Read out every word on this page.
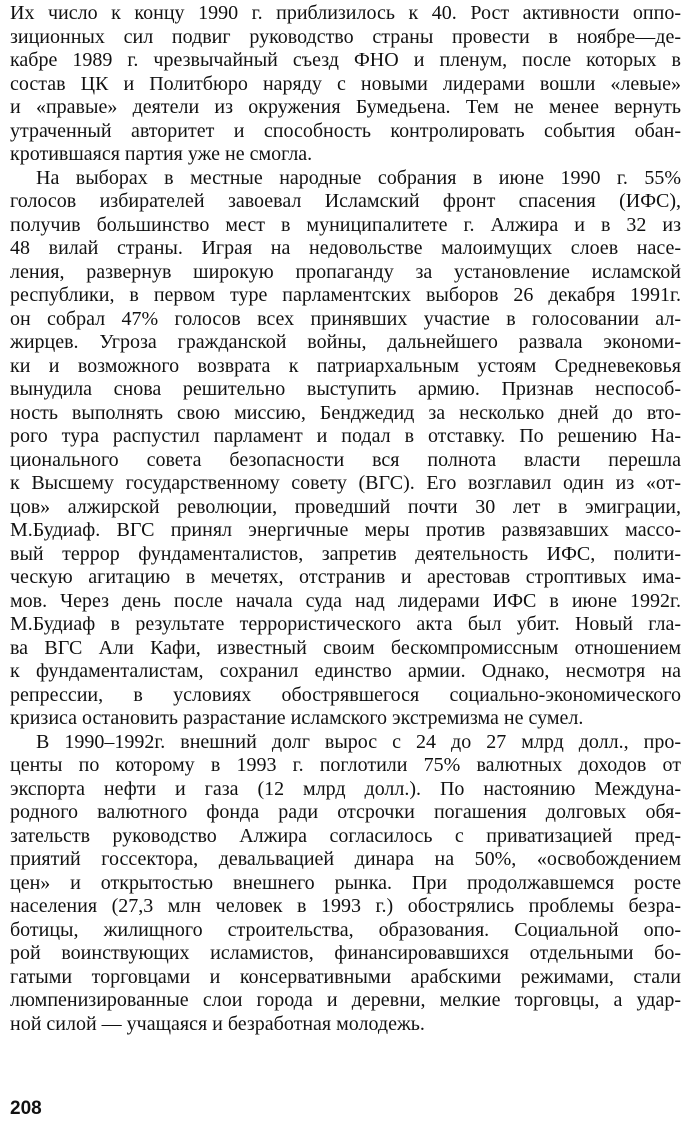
Их число к концу 1990 г. приблизилось к 40. Рост активности оппо-
зиционных сил подвиг руководство страны провести в ноябре—де-
кабре 1989 г. чрезвычайный съезд ФНО и пленум, после которых в
состав ЦК и Политбюро наряду с новыми лидерами вошли «левые»
и «правые» деятели из окружения Бумедьена. Тем не менее вернуть
утраченный авторитет и способность контролировать события обан-
кротившаяся партия уже не смогла.
На выборах в местные народные собрания в июне 1990 г. 55%
голосов избирателей завоевал Исламский фронт спасения (ИФС),
получив большинство мест в муниципалитете г. Алжира и в 32 из
48 вилай страны. Играя на недовольстве малоимущих слоев насе-
ления, развернув широкую пропаганду за установление исламской
республики, в первом туре парламентских выборов 26 декабря 1991г.
он собрал 47% голосов всех принявших участие в голосовании ал-
жирцев. Угроза гражданской войны, дальнейшего развала экономи-
ки и возможного возврата к патриархальным устоям Средневековья
вынудила снова решительно выступить армию. Признав неспособ-
ность выполнять свою миссию, Бенджедид за несколько дней до вто-
рого тура распустил парламент и подал в отставку. По решению На-
ционального совета безопасности вся полнота власти перешла
к Высшему государственному совету (ВГС). Его возглавил один из «от-
цов» алжирской революции, проведший почти 30 лет в эмиграции,
М.Будиаф. ВГС принял энергичные меры против развязавших массо-
вый террор фундаменталистов, запретив деятельность ИФС, полити-
ческую агитацию в мечетях, отстранив и арестовав строптивых има-
мов. Через день после начала суда над лидерами ИФС в июне 1992г.
М.Будиаф в результате террористического акта был убит. Новый гла-
ва ВГС Али Кафи, известный своим бескомпромиссным отношением
к фундаменталистам, сохранил единство армии. Однако, несмотря на
репрессии, в условиях обострявшегося социально-экономического
кризиса остановить разрастание исламского экстремизма не сумел.
В 1990–1992г. внешний долг вырос с 24 до 27 млрд долл., про-
центы по которому в 1993 г. поглотили 75% валютных доходов от
экспорта нефти и газа (12 млрд долл.). По настоянию Междуна-
родного валютного фонда ради отсрочки погашения долговых обя-
зательств руководство Алжира согласилось с приватизацией пред-
приятий госсектора, девальвацией динара на 50%, «освобождением
цен» и открытостью внешнего рынка. При продолжавшемся росте
населения (27,3 млн человек в 1993 г.) обострялись проблемы безра-
ботицы, жилищного строительства, образования. Социальной опо-
рой воинствующих исламистов, финансировавшихся отдельными бо-
гатыми торговцами и консервативными арабскими режимами, стали
люмпенизированные слои города и деревни, мелкие торговцы, а удар-
ной силой — учащаяся и безработная молодежь.
208
